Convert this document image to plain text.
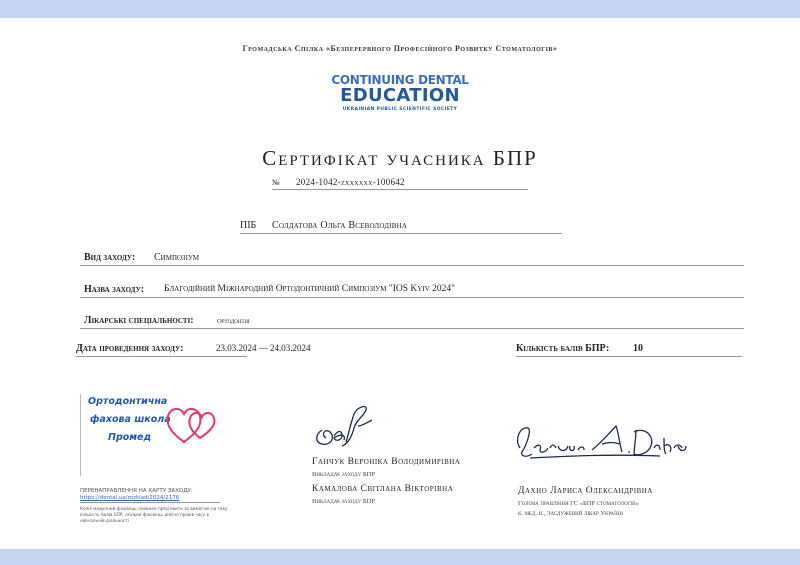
Громадська Спілка «Безперервного Професійного Розвитку Стоматологів»
CONTINUING DENTAL
EDUCATION
UKRAINIAN PUBLIC SCIENTIFIC SOCIETY
Сертифікат учасника БПР
№ 2024-1042-zxxxxxx-100642
ПІБ Солдатова Ольга Всеволодівна
Вид заходу: Симпозіум
Назва заходу: Благодійний Міжнародний Ортодонтичний Симпозіум "IOS Kyiv 2024"
Лікарські спеціальності:	Ортодонтія
Дата проведення заходу:	23.03.2024 — 24.03.2024	Кількість балів БПР: 10
Ортодонтична
фахова школа
Промед
ПЕРЕНАПРАВЛЕННЯ НА КАРТУ ЗАХОДУ:
https://dental.ua/rozklad/2024/2176
Копія медичний фахівець повинен пред'явити за вимогою на таку кількість балів БПР, скільки фахівець дійсно провів часу в навчальній діяльності
Ганчук Вероніка Володимирівна
Викладач заходу БПР
Камалова Світлана Вікторівна
Викладач заходу БПР
Дахно Лариса Олександрівна
Голова правління ГС «БПР стоматологів»
к. мед. н., Заслужений лікар України
